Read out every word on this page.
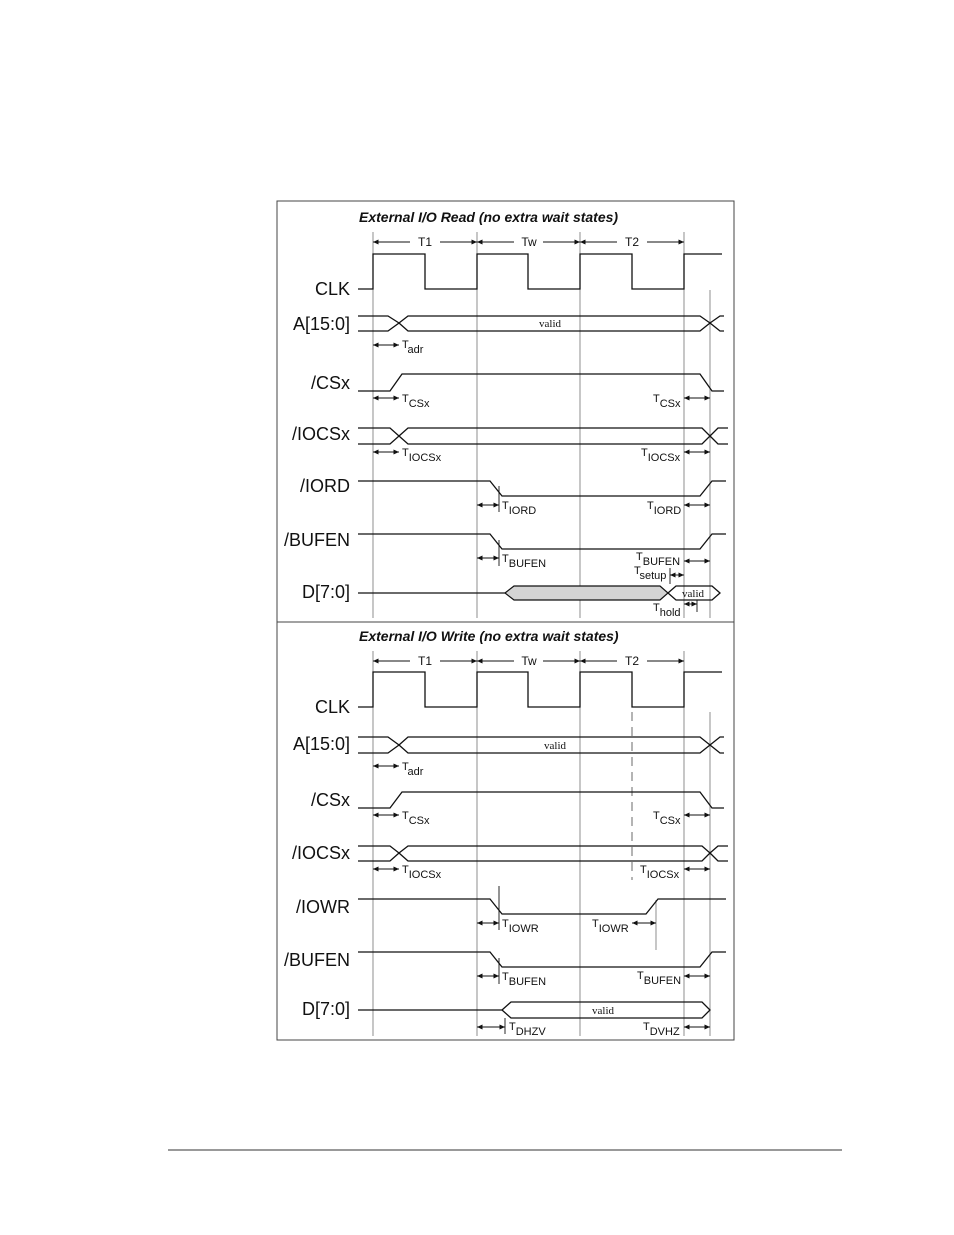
External I/O Read (no extra wait states)
T1	Tw	T2
CLK
A[15:0]
/CSx
/IOCSx
/IORD
/BUFEN
D[7:0]
valid
$T_{adr}$
$T_{CSx}$	$T_{CSx}$
$T_{IOCSx}$	$T_{IOCSx}$
$T_{IORD}$	$T_{IORD}$
$T_{BUFEN}$
$T_{BUFEN}$
valid
$T_{setup}$
$T_{hold}$
External I/O Write (no extra wait states)
T1	Tw	T2
CLK
A[15:0]
/CSx
/IOCSx
/IOWR
/BUFEN
D[7:0]
valid
$T_{adr}$
$T_{CSx}$	$T_{CSx}$
$T_{IOCSx}$	$T_{IOCSx}$
$T_{IOWR}$	$T_{IOWR}$
$T_{BUFEN}$	$T_{BUFEN}$
valid
$T_{DHZV}$	$T_{DVHZ}$
